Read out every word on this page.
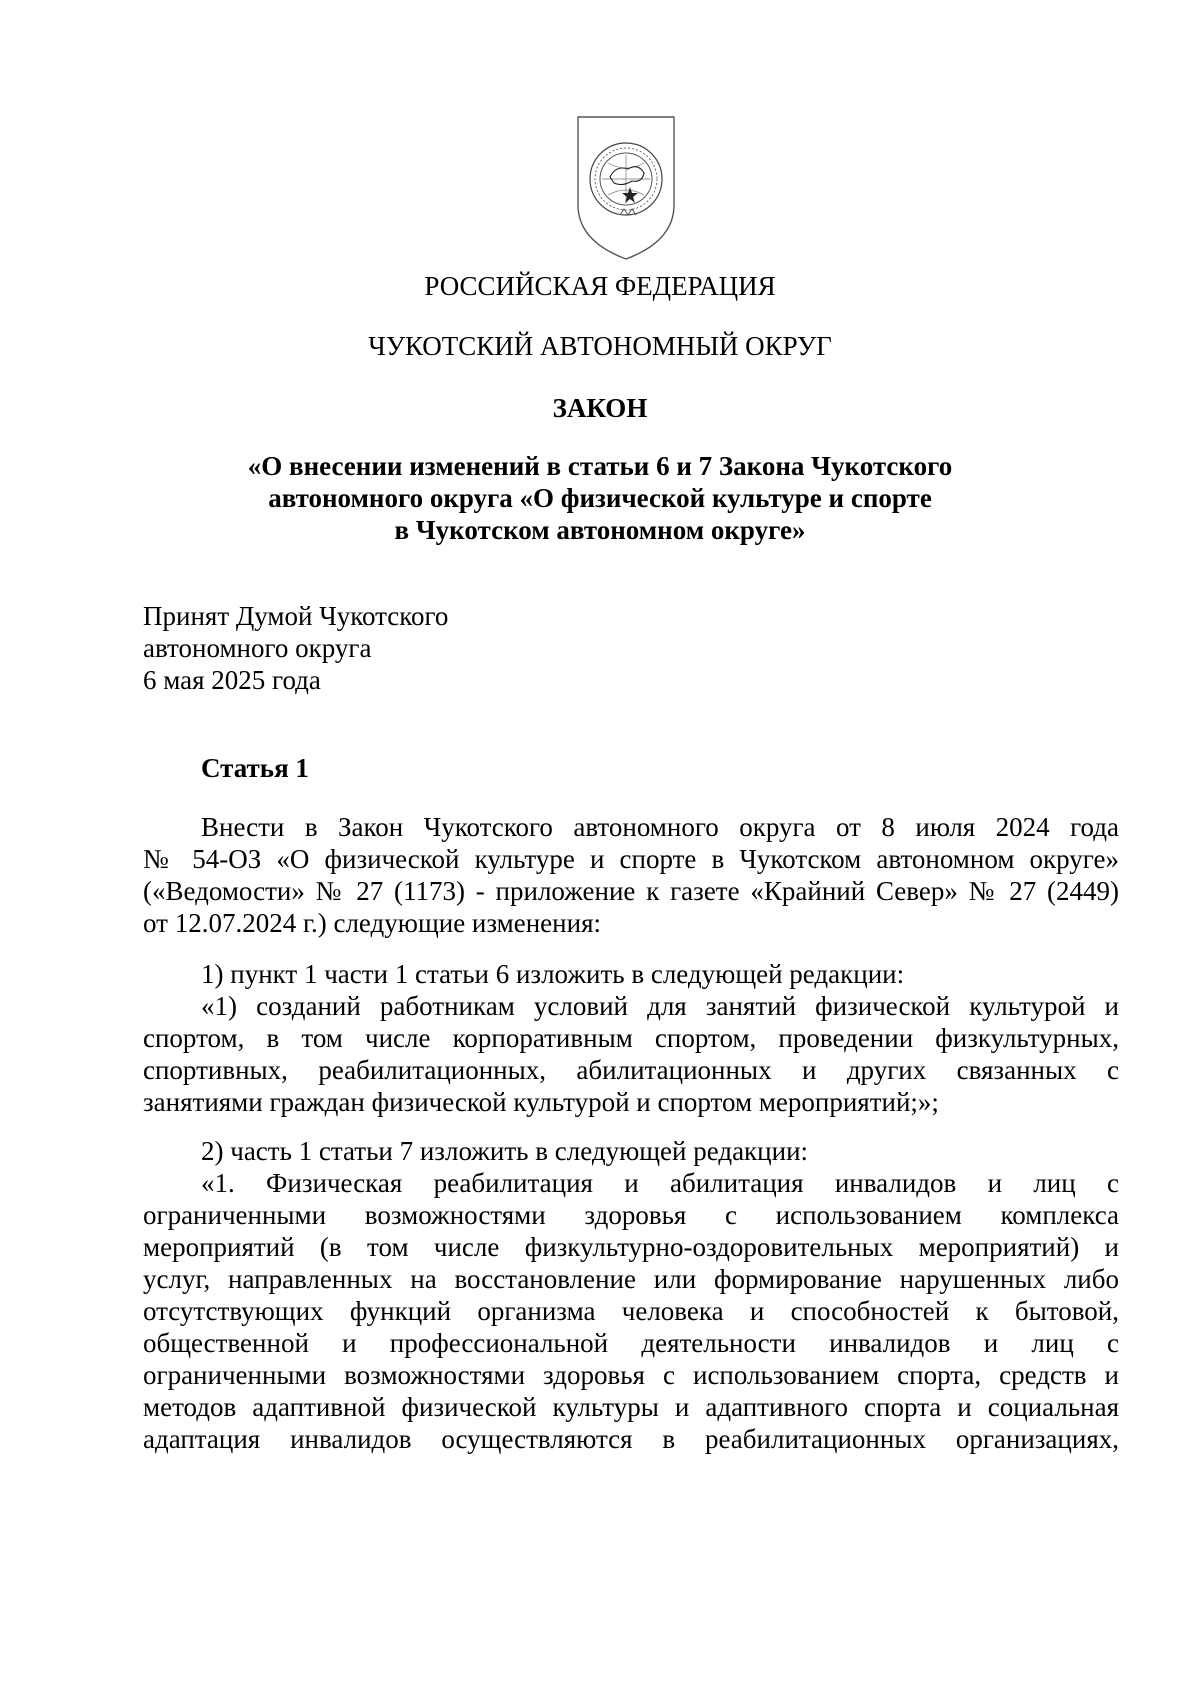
РОССИЙСКАЯ ФЕДЕРАЦИЯ
ЧУКОТСКИЙ АВТОНОМНЫЙ ОКРУГ
ЗАКОН
«О внесении изменений в статьи 6 и 7 Закона Чукотского
автономного округа «О физической культуре и спорте
в Чукотском автономном округе»
Принят Думой Чукотского
автономного округа
6 мая 2025 года
Статья 1
Внести в Закон Чукотского автономного округа от 8 июля 2024 года
№ 54-ОЗ «О физической культуре и спорте в Чукотском автономном округе»
(«Ведомости» № 27 (1173) - приложение к газете «Крайний Север» № 27 (2449)
от 12.07.2024 г.) следующие изменения:
1) пункт 1 части 1 статьи 6 изложить в следующей редакции:
«1) созданий работникам условий для занятий физической культурой и
спортом, в том числе корпоративным спортом, проведении физкультурных,
спортивных, реабилитационных, абилитационных и других связанных с
занятиями граждан физической культурой и спортом мероприятий;»;
2) часть 1 статьи 7 изложить в следующей редакции:
«1. Физическая реабилитация и абилитация инвалидов и лиц с
ограниченными возможностями здоровья с использованием комплекса
мероприятий (в том числе физкультурно-оздоровительных мероприятий) и
услуг, направленных на восстановление или формирование нарушенных либо
отсутствующих функций организма человека и способностей к бытовой,
общественной и профессиональной деятельности инвалидов и лиц с
ограниченными возможностями здоровья с использованием спорта, средств и
методов адаптивной физической культуры и адаптивного спорта и социальная
адаптация инвалидов осуществляются в реабилитационных организациях,
